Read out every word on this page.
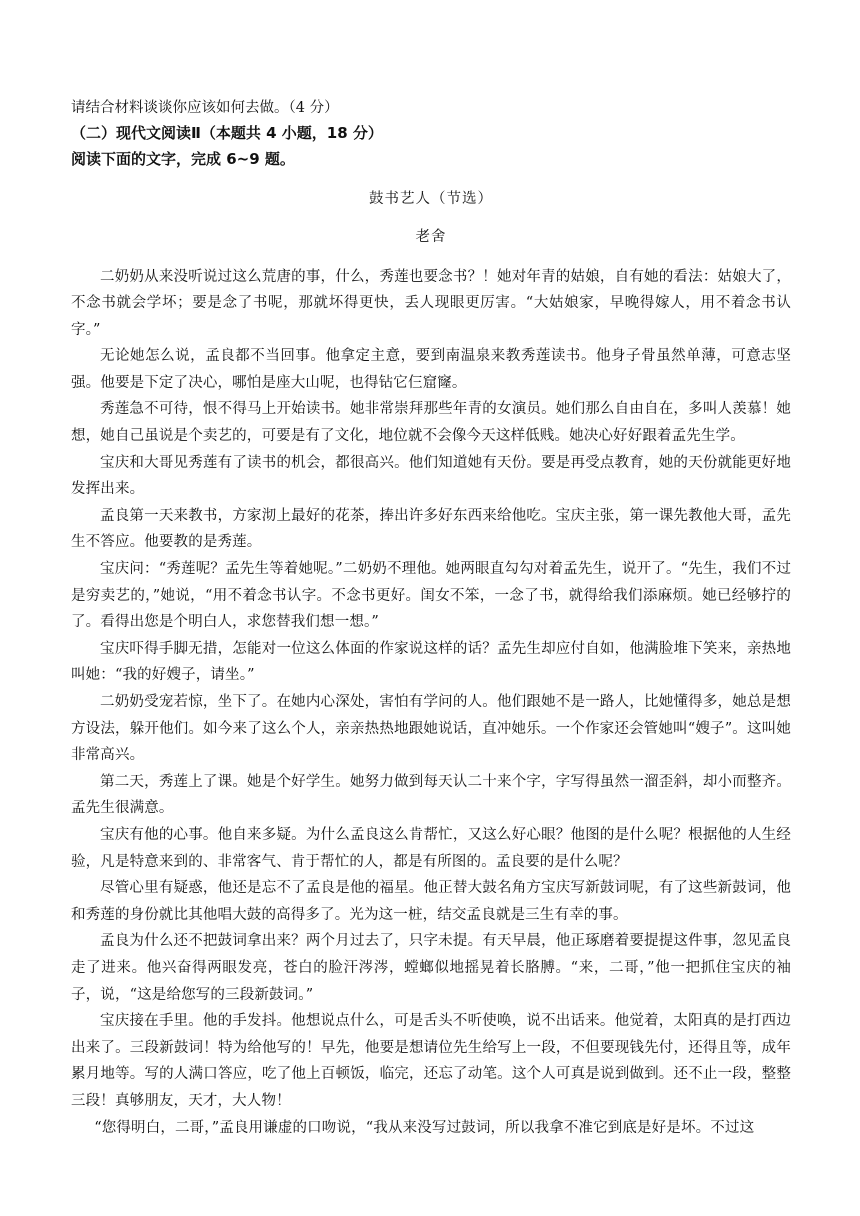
请结合材料谈谈你应该如何去做。（4 分）

（二）现代文阅读Ⅱ（本题共 4 小题，18 分）

阅读下面的文字，完成 6~9 题。

鼓书艺人（节选）

老舍

二奶奶从来没听说过这么荒唐的事，什么，秀莲也要念书？！她对年青的姑娘，自有她的看法：姑娘大了，不念书就会学坏；要是念了书呢，那就坏得更快，丢人现眼更厉害。“大姑娘家，早晚得嫁人，用不着念书认字。”

无论她怎么说，孟良都不当回事。他拿定主意，要到南温泉来教秀莲读书。他身子骨虽然单薄，可意志坚强。他要是下定了决心，哪怕是座大山呢，也得钻它仨窟窿。

秀莲急不可待，恨不得马上开始读书。她非常崇拜那些年青的女演员。她们那么自由自在，多叫人羡慕！她想，她自己虽说是个卖艺的，可要是有了文化，地位就不会像今天这样低贱。她决心好好跟着孟先生学。

宝庆和大哥见秀莲有了读书的机会，都很高兴。他们知道她有天份。要是再受点教育，她的天份就能更好地发挥出来。

孟良第一天来教书，方家沏上最好的花茶，捧出许多好东西来给他吃。宝庆主张，第一课先教他大哥，孟先生不答应。他要教的是秀莲。

宝庆问：“秀莲呢？孟先生等着她呢。”二奶奶不理他。她两眼直勾勾对着孟先生，说开了。“先生，我们不过是穷卖艺的，”她说，“用不着念书认字。不念书更好。闺女不笨，一念了书，就得给我们添麻烦。她已经够拧的了。看得出您是个明白人，求您替我们想一想。”

宝庆吓得手脚无措，怎能对一位这么体面的作家说这样的话？孟先生却应付自如，他满脸堆下笑来，亲热地叫她：“我的好嫂子，请坐。”

二奶奶受宠若惊，坐下了。在她内心深处，害怕有学问的人。他们跟她不是一路人，比她懂得多，她总是想方设法，躲开他们。如今来了这么个人，亲亲热热地跟她说话，直冲她乐。一个作家还会管她叫“嫂子”。这叫她非常高兴。

第二天，秀莲上了课。她是个好学生。她努力做到每天认二十来个字，字写得虽然一溜歪斜，却小而整齐。孟先生很满意。

宝庆有他的心事。他自来多疑。为什么孟良这么肯帮忙，又这么好心眼？他图的是什么呢？根据他的人生经验，凡是特意来到的、非常客气、肯于帮忙的人，都是有所图的。孟良要的是什么呢？

尽管心里有疑惑，他还是忘不了孟良是他的福星。他正替大鼓名角方宝庆写新鼓词呢，有了这些新鼓词，他和秀莲的身份就比其他唱大鼓的高得多了。光为这一桩，结交孟良就是三生有幸的事。

孟良为什么还不把鼓词拿出来？两个月过去了，只字未提。有天早晨，他正琢磨着要提提这件事，忽见孟良走了进来。他兴奋得两眼发亮，苍白的脸汗涔涔，螳螂似地摇晃着长胳膊。“来，二哥，”他一把抓住宝庆的袖子，说，“这是给您写的三段新鼓词。”

宝庆接在手里。他的手发抖。他想说点什么，可是舌头不听使唤，说不出话来。他觉着，太阳真的是打西边出来了。三段新鼓词！特为给他写的！早先，他要是想请位先生给写上一段，不但要现钱先付，还得且等，成年累月地等。写的人满口答应，吃了他上百顿饭，临完，还忘了动笔。这个人可真是说到做到。还不止一段，整整三段！真够朋友，天才，大人物！

“您得明白，二哥，”孟良用谦虚的口吻说，“我从来没写过鼓词，所以我拿不准它到底是好是坏。不过这
